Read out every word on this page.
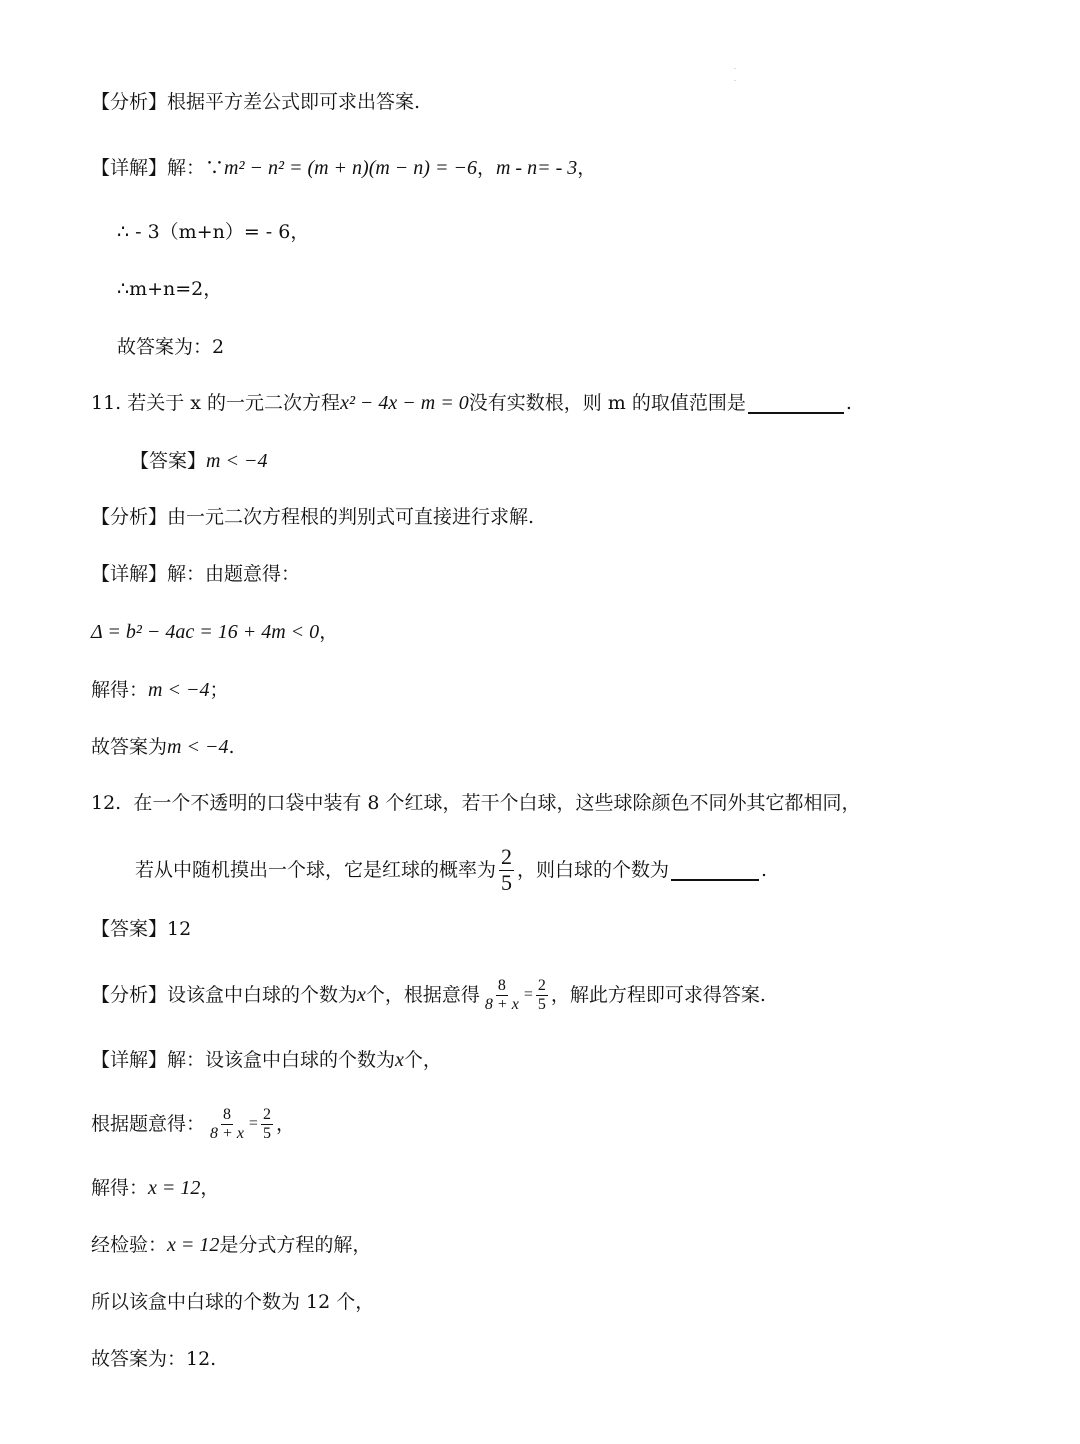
·
·
【分析】根据平方差公式即可求出答案.
【详解】解：∵ m² − n² = (m + n)(m − n) = −6 ， m - n= - 3 ，
∴ - 3（m+n）= - 6，
∴m+n=2，
故答案为：2
11.
若关于 x 的一元二次方程 x² − 4x − m = 0 没有实数根，则 m 的取值范围是	.
【答案】 m < −4
【分析】由一元二次方程根的判别式可直接进行求解.
【详解】解：由题意得：
Δ = b² − 4ac = 16 + 4m < 0 ，
解得： m < −4 ；
故答案为 m < −4 .
12.
在一个不透明的口袋中装有 8 个红球，若干个白球，这些球除颜色不同外其它都相同，
若从中随机摸出一个球，它是红球的概率为 $\frac{2}{5}$ ，则白球的个数为	.
【答案】12
【分析】设该盒中白球的个数为 x 个，根据意得 $\frac{8}{8 + x} = \frac{2}{5}$ ，解此方程即可求得答案.
【详解】解：设该盒中白球的个数为 x 个，
根据题意得： $\frac{8}{8 + x} = \frac{2}{5}$ ，
解得： x = 12 ，
经检验： x = 12 是分式方程的解，
所以该盒中白球的个数为 12 个，
故答案为：12.
